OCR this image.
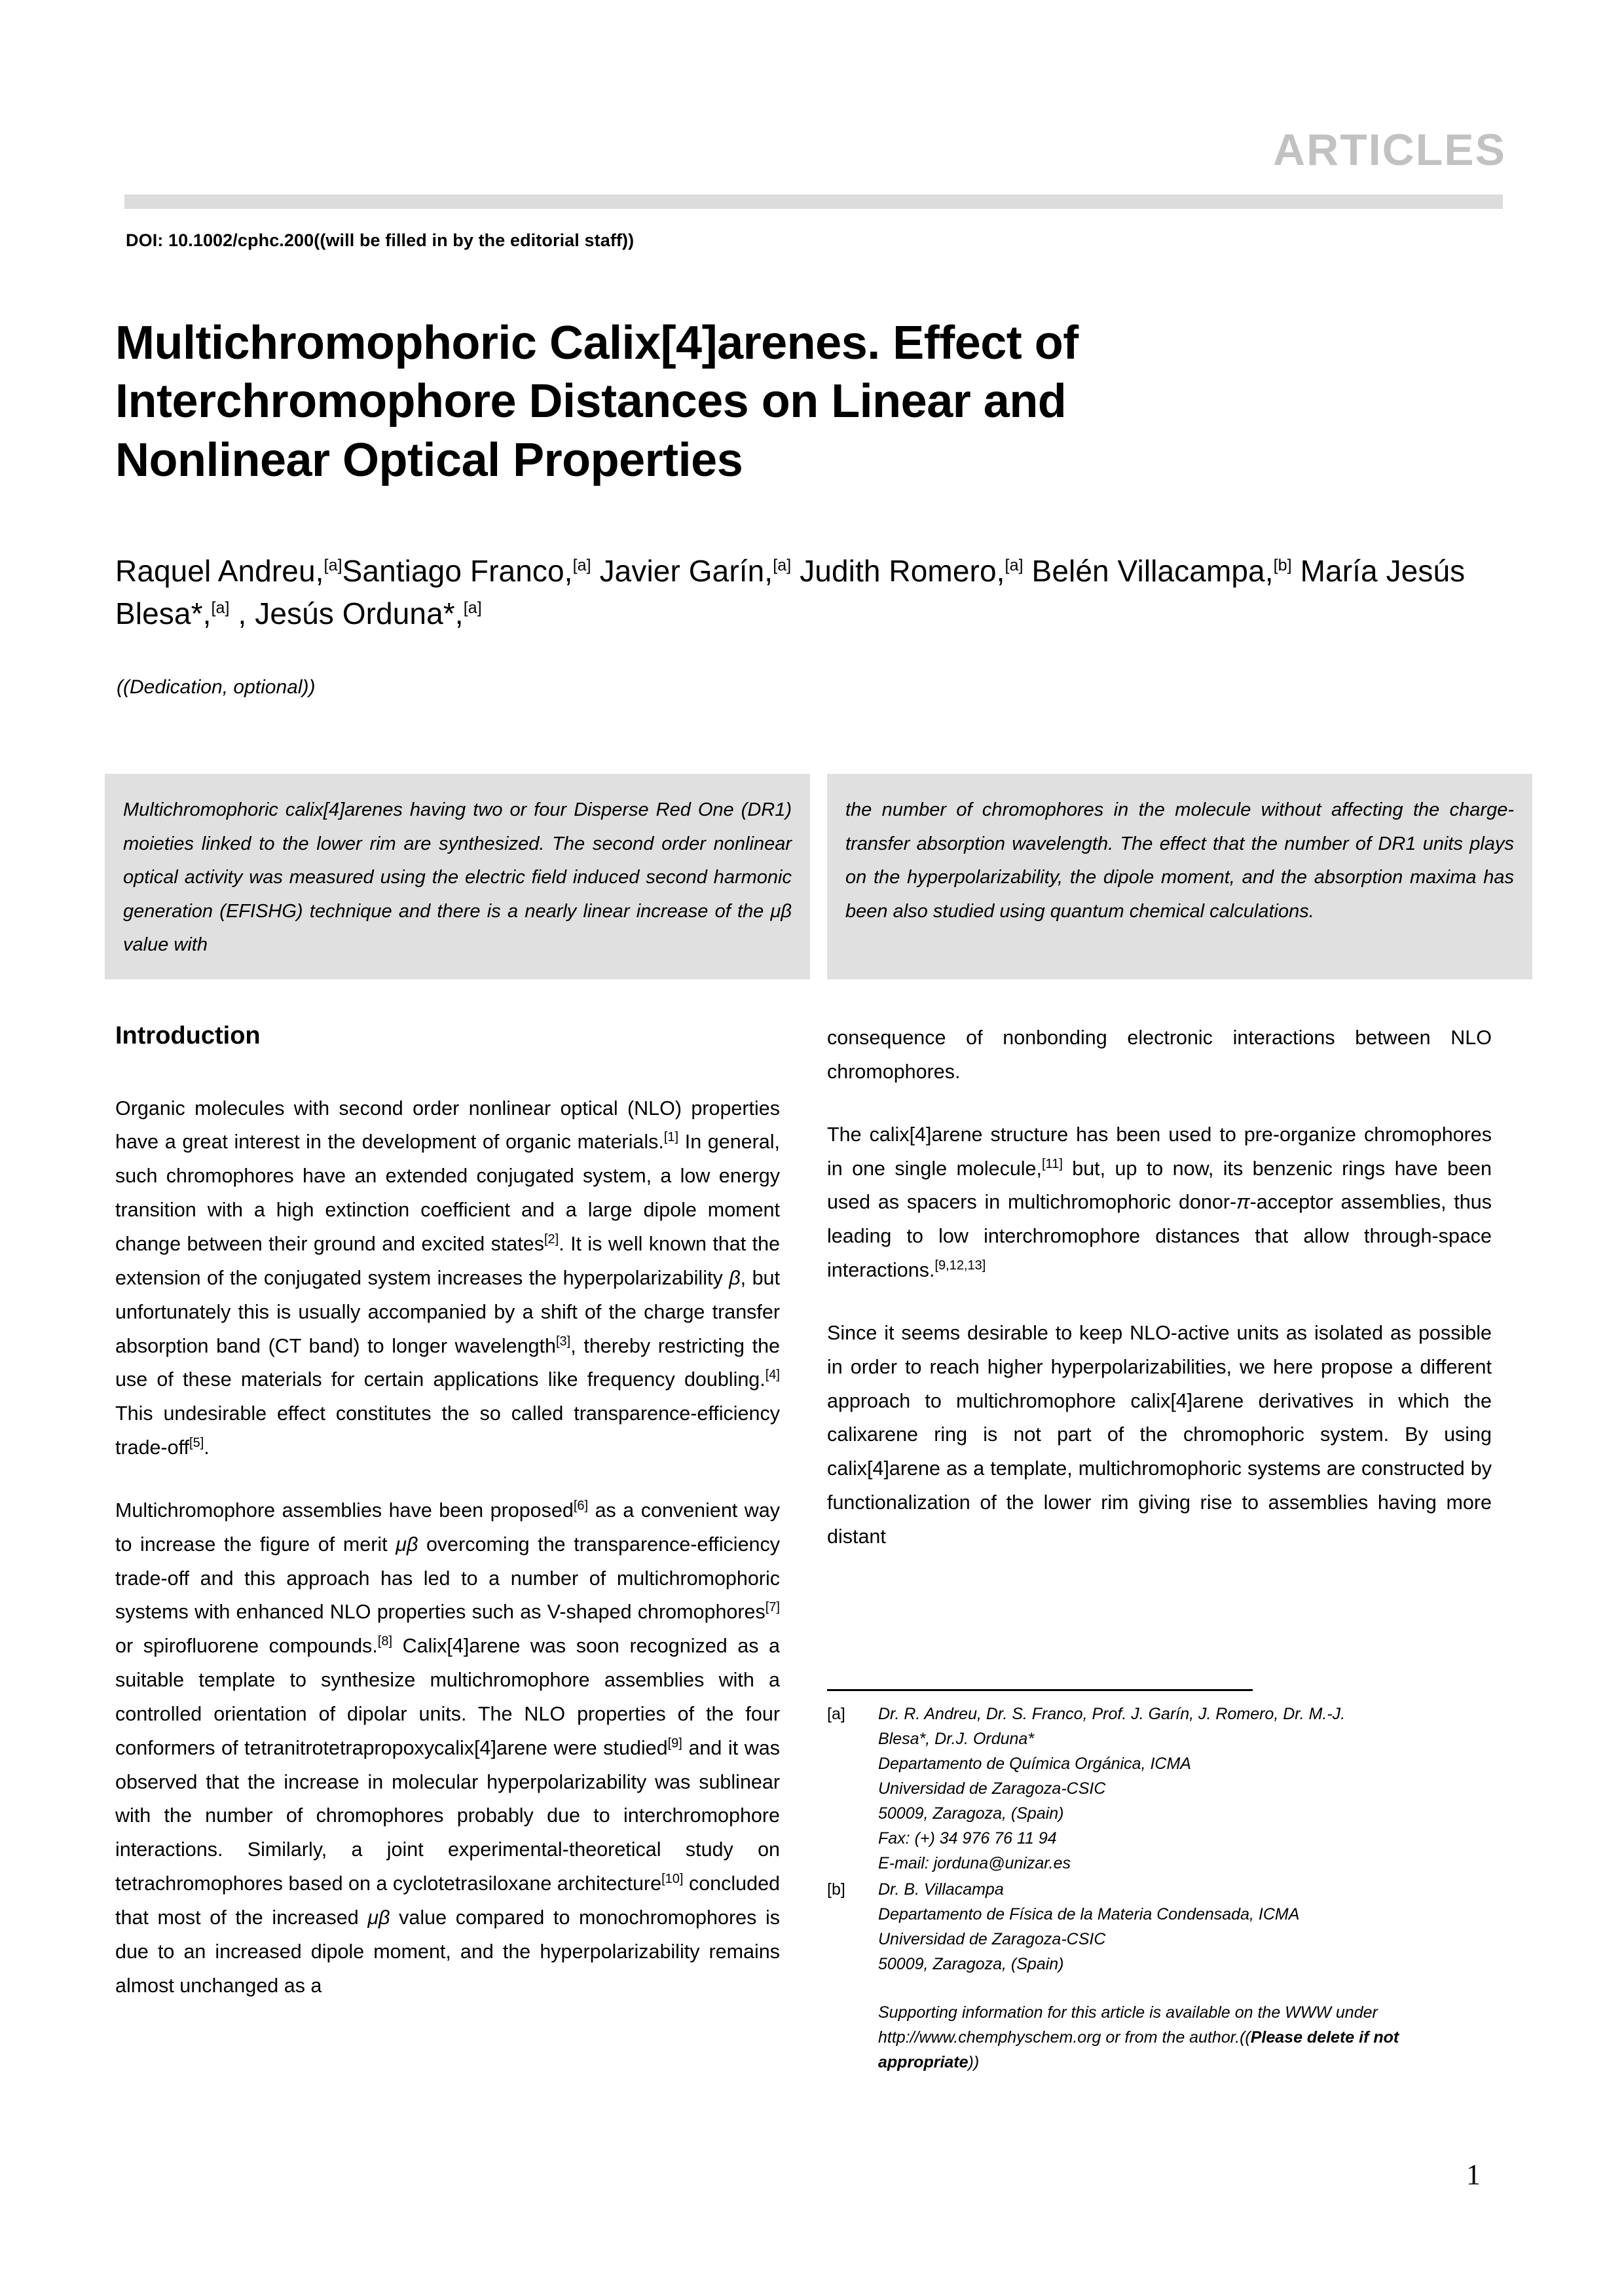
ARTICLES
DOI: 10.1002/cphc.200((will be filled in by the editorial staff))
Multichromophoric Calix[4]arenes. Effect of
Interchromophore Distances on Linear and
Nonlinear Optical Properties
Raquel Andreu,[a]Santiago Franco,[a] Javier Garín,[a] Judith Romero,[a] Belén Villacampa,[b] María Jesús Blesa*,[a] , Jesús Orduna*,[a]
((Dedication, optional))
Multichromophoric calix[4]arenes having two or four Disperse Red One (DR1) moieties linked to the lower rim are synthesized. The second order nonlinear optical activity was measured using the electric field induced second harmonic generation (EFISHG) technique and there is a nearly linear increase of the μβ value with
the number of chromophores in the molecule without affecting the charge-transfer absorption wavelength. The effect that the number of DR1 units plays on the hyperpolarizability, the dipole moment, and the absorption maxima has been also studied using quantum chemical calculations.
Introduction

Organic molecules with second order nonlinear optical (NLO) properties have a great interest in the development of organic materials.[1] In general, such chromophores have an extended conjugated system, a low energy transition with a high extinction coefficient and a large dipole moment change between their ground and excited states[2]. It is well known that the extension of the conjugated system increases the hyperpolarizability β, but unfortunately this is usually accompanied by a shift of the charge transfer absorption band (CT band) to longer wavelength[3], thereby restricting the use of these materials for certain applications like frequency doubling.[4] This undesirable effect constitutes the so called transparence-efficiency trade-off[5].

Multichromophore assemblies have been proposed[6] as a convenient way to increase the figure of merit μβ overcoming the transparence-efficiency trade-off and this approach has led to a number of multichromophoric systems with enhanced NLO properties such as V-shaped chromophores[7] or spirofluorene compounds.[8] Calix[4]arene was soon recognized as a suitable template to synthesize multichromophore assemblies with a controlled orientation of dipolar units. The NLO properties of the four conformers of tetranitrotetrapropoxycalix[4]arene were studied[9] and it was observed that the increase in molecular hyperpolarizability was sublinear with the number of chromophores probably due to interchromophore interactions. Similarly, a joint experimental-theoretical study on tetrachromophores based on a cyclotetrasiloxane architecture[10] concluded that most of the increased μβ value compared to monochromophores is due to an increased dipole moment, and the hyperpolarizability remains almost unchanged as a

consequence of nonbonding electronic interactions between NLO chromophores.

The calix[4]arene structure has been used to pre-organize chromophores in one single molecule,[11] but, up to now, its benzenic rings have been used as spacers in multichromophoric donor-π-acceptor assemblies, thus leading to low interchromophore distances that allow through-space interactions.[9,12,13]

Since it seems desirable to keep NLO-active units as isolated as possible in order to reach higher hyperpolarizabilities, we here propose a different approach to multichromophore calix[4]arene derivatives in which the calixarene ring is not part of the chromophoric system. By using calix[4]arene as a template, multichromophoric systems are constructed by functionalization of the lower rim giving rise to assemblies having more distant

[a]	Dr. R. Andreu, Dr. S. Franco, Prof. J. Garín, J. Romero, Dr. M.-J.
Blesa*, Dr.J. Orduna*
Departamento de Química Orgánica, ICMA
Universidad de Zaragoza-CSIC
50009, Zaragoza, (Spain)
Fax: (+) 34 976 76 11 94
E-mail: jorduna@unizar.es
[b]	Dr. B. Villacampa
Departamento de Física de la Materia Condensada, ICMA
Universidad de Zaragoza-CSIC
50009, Zaragoza, (Spain)
Supporting information for this article is available on the WWW under http://www.chemphyschem.org or from the author.((Please delete if not appropriate))
1
